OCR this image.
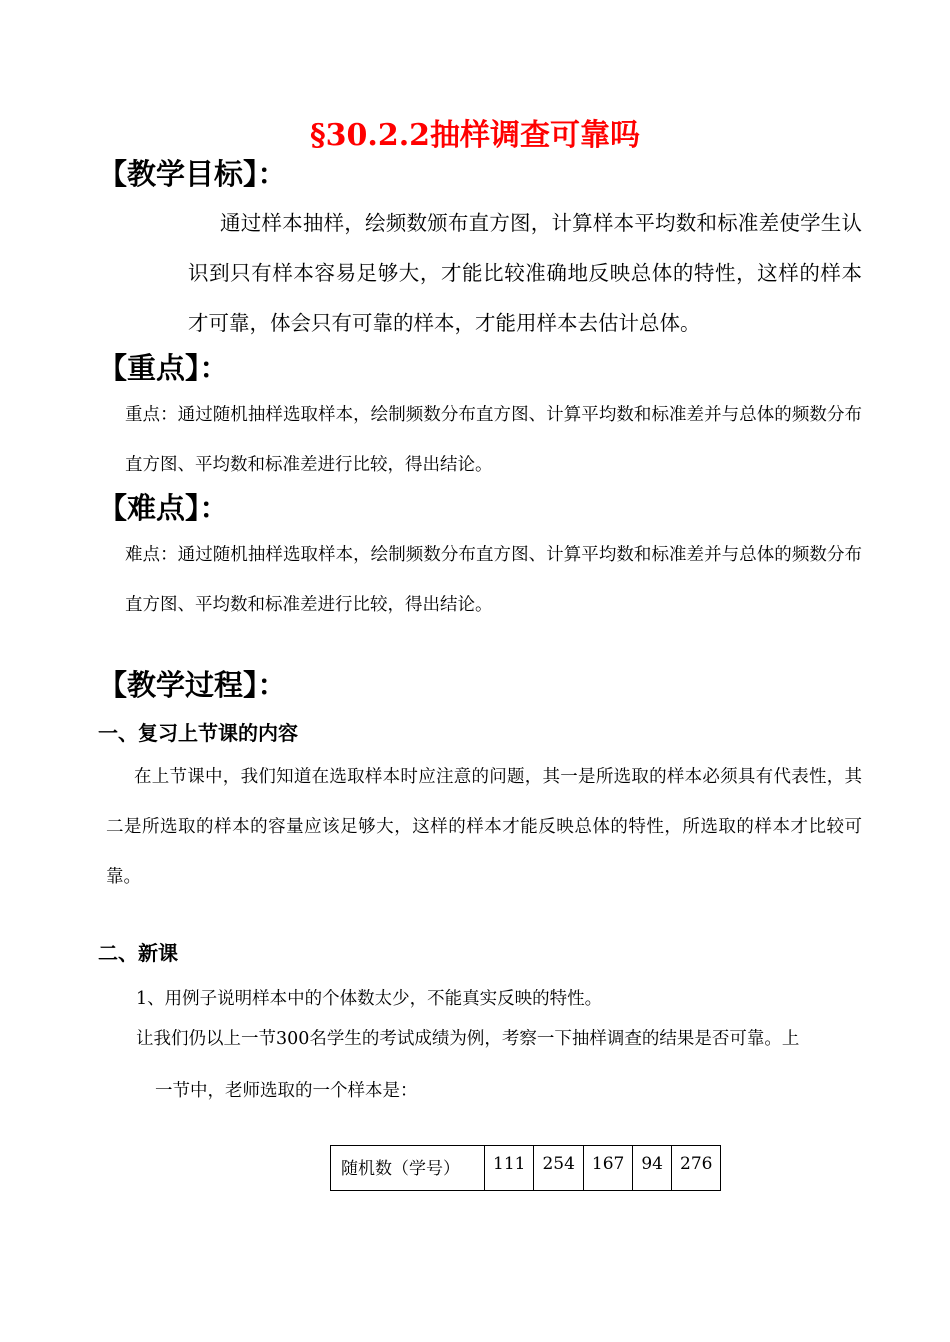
§30.2.2抽样调查可靠吗
【教学目标】：

通过样本抽样，绘频数颁布直方图，计算样本平均数和标准差使学生认识到只有样本容易足够大，才能比较准确地反映总体的特性，这样的样本才可靠，体会只有可靠的样本，才能用样本去估计总体。

【重点】：

重点：通过随机抽样选取样本，绘制频数分布直方图、计算平均数和标准差并与总体的频数分布直方图、平均数和标准差进行比较，得出结论。

【难点】：

难点：通过随机抽样选取样本，绘制频数分布直方图、计算平均数和标准差并与总体的频数分布直方图、平均数和标准差进行比较，得出结论。

【教学过程】：
一、复习上节课的内容

在上节课中，我们知道在选取样本时应注意的问题，其一是所选取的样本必须具有代表性，其二是所选取的样本的容量应该足够大，这样的样本才能反映总体的特性，所选取的样本才比较可靠。

二、新课
1、用例子说明样本中的个体数太少，不能真实反映的特性。
让我们仍以上一节300名学生的考试成绩为例，考察一下抽样调查的结果是否可靠。上
一节中，老师选取的一个样本是：
随机数（学号）	111	254	167	94	276
